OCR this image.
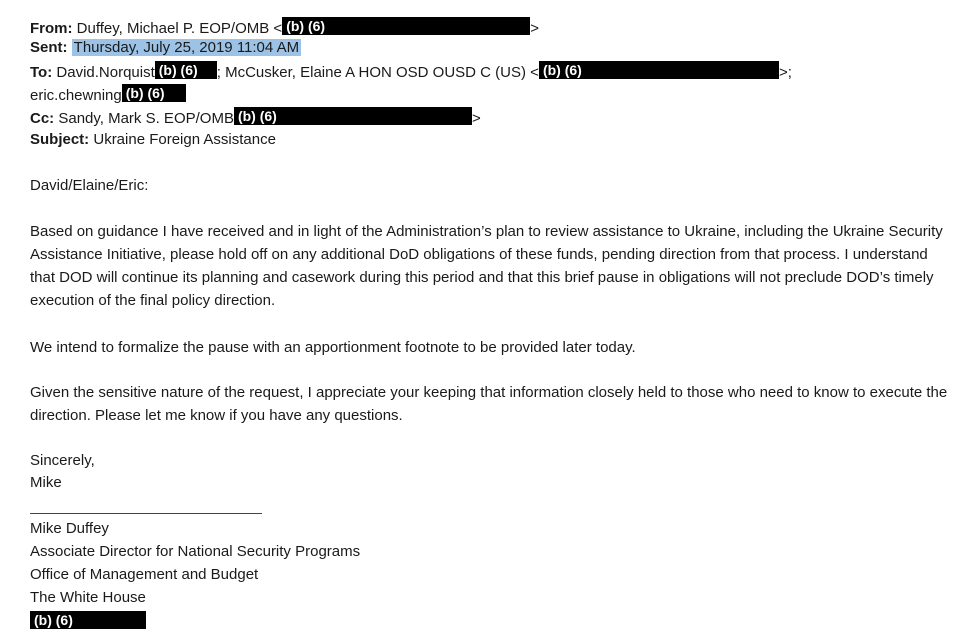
From: Duffey, Michael P. EOP/OMB < (b) (6)	>
Sent: Thursday, July 25, 2019 11:04 AM
To: David.Norquist (b) (6) ; McCusker, Elaine A HON OSD OUSD C (US) < (b) (6)	>;
eric.chewning (b) (6)
Cc: Sandy, Mark S. EOP/OMB (b) (6)	>
Subject: Ukraine Foreign Assistance
David/Elaine/Eric:
Based on guidance I have received and in light of the Administration’s plan to review assistance to Ukraine, including the Ukraine Security Assistance Initiative, please hold off on any additional DoD obligations of these funds, pending direction from that process. I understand that DOD will continue its planning and casework during this period and that this brief pause in obligations will not preclude DOD’s timely execution of the final policy direction.
We intend to formalize the pause with an apportionment footnote to be provided later today.
Given the sensitive nature of the request, I appreciate your keeping that information closely held to those who need to know to execute the direction. Please let me know if you have any questions.
Sincerely,
Mike
Mike Duffey
Associate Director for National Security Programs
Office of Management and Budget
The White House
(b) (6)
